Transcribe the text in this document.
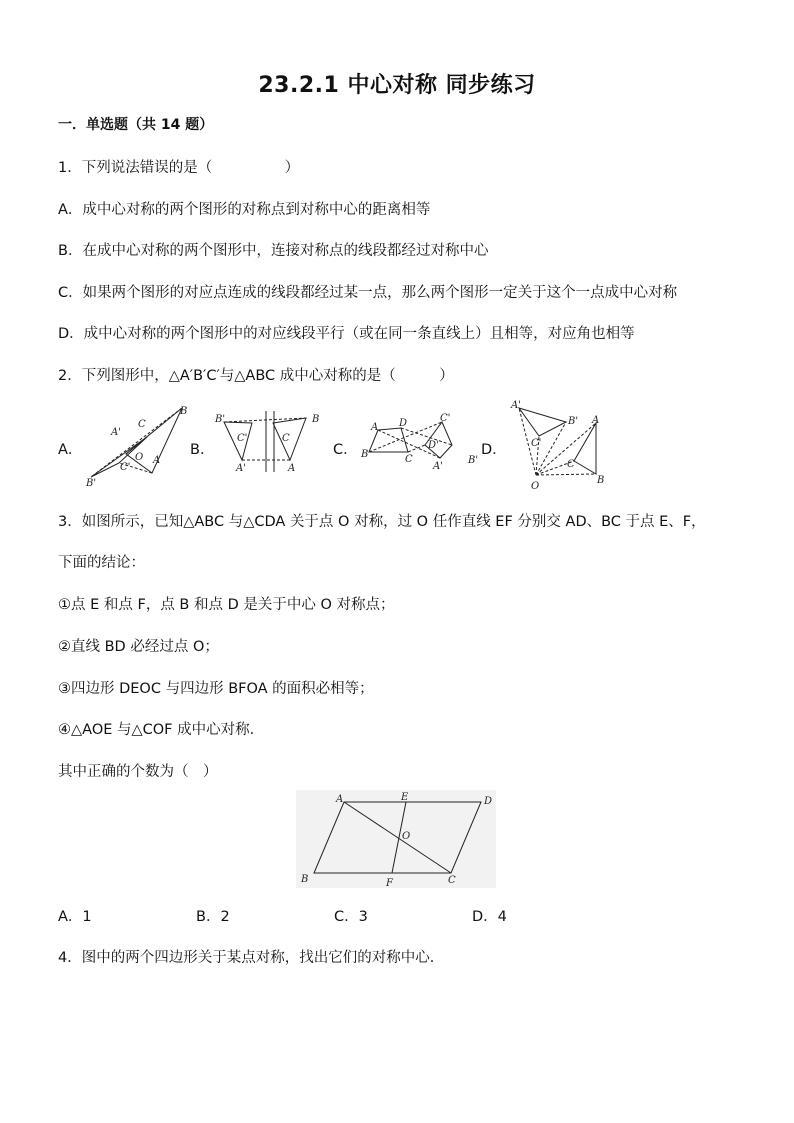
23.2.1 中心对称 同步练习
一．单选题（共 14 题）
1．下列说法错误的是（　　　　　）
A．成中心对称的两个图形的对称点到对称中心的距离相等
B．在成中心对称的两个图形中，连接对称点的线段都经过对称中心
C．如果两个图形的对应点连成的线段都经过某一点，那么两个图形一定关于这个一点成中心对称
D．成中心对称的两个图形中的对应线段平行（或在同一条直线上）且相等，对应角也相等
2．下列图形中，△A′B′C′与△ABC 成中心对称的是（　　　）
A．
A'
C
B
O A
C'
B'
B．
B'	B
C'	C
A'	A
C．
A D	C'
B	C
D'
A'
B'
D．
A'
B' A
C'
C
B
O
3．如图所示，已知△ABC 与△CDA 关于点 O 对称，过 O 任作直线 EF 分别交 AD、BC 于点 E、F，
下面的结论：
①点 E 和点 F，点 B 和点 D 是关于中心 O 对称点；
②直线 BD 必经过点 O；
③四边形 DEOC 与四边形 BFOA 的面积必相等；
④△AOE 与△COF 成中心对称．
其中正确的个数为（　）
A	E	D
O
B	F	C
A．1	B．2	C．3	D．4
4．图中的两个四边形关于某点对称，找出它们的对称中心．
